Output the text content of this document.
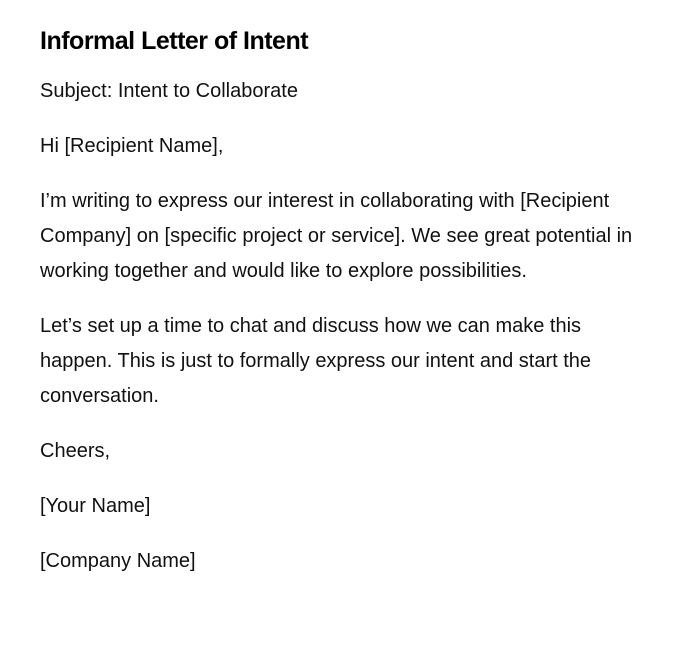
Informal Letter of Intent

Subject: Intent to Collaborate

Hi [Recipient Name],

I’m writing to express our interest in collaborating with [Recipient Company] on [specific project or service]. We see great potential in working together and would like to explore possibilities.

Let’s set up a time to chat and discuss how we can make this happen. This is just to formally express our intent and start the conversation.

Cheers,

[Your Name]

[Company Name]
